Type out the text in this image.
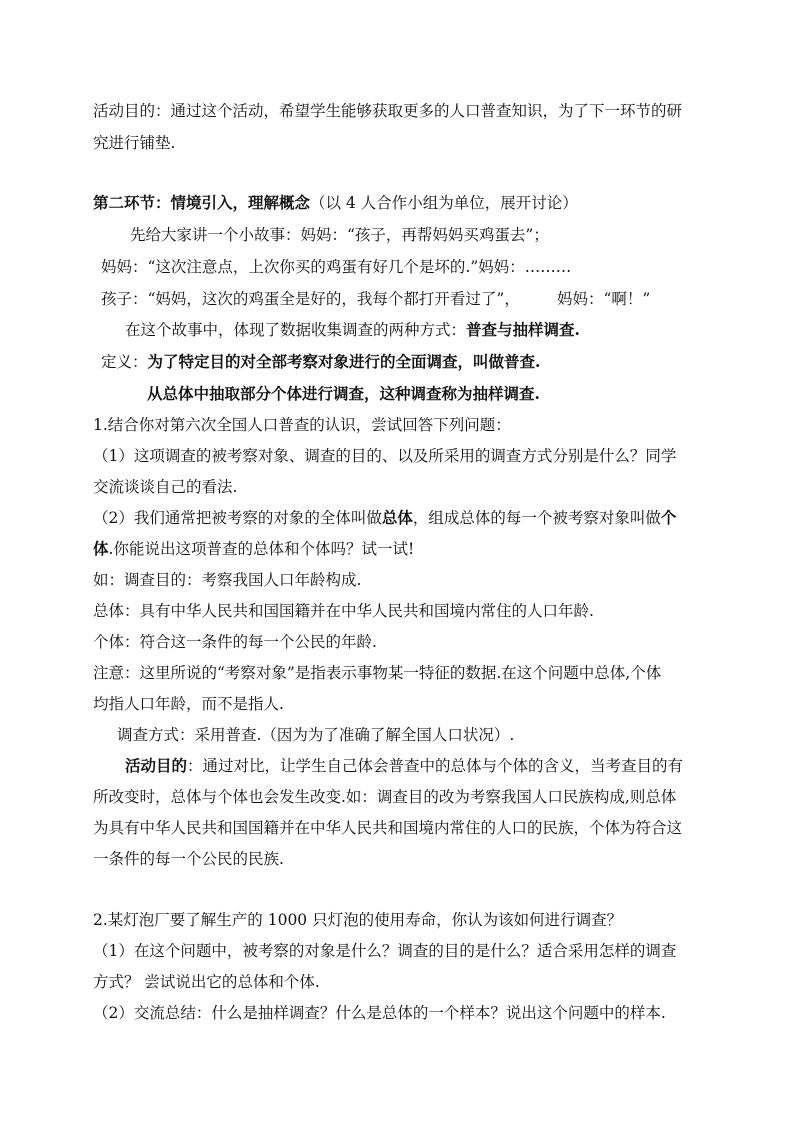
活动目的：通过这个活动，希望学生能够获取更多的人口普查知识，为了下一环节的研
究进行铺垫.
第二环节：情境引入，理解概念（以 4 人合作小组为单位，展开讨论）
先给大家讲一个小故事：妈妈：“孩子，再帮妈妈买鸡蛋去”；
妈妈：“这次注意点，上次你买的鸡蛋有好几个是坏的.”妈妈：………
孩子：“妈妈，这次的鸡蛋全是好的，我每个都打开看过了”， 妈妈：“啊！”
在这个故事中，体现了数据收集调查的两种方式：普查与抽样调查.
定义：为了特定目的对全部考察对象进行的全面调查，叫做普查.
从总体中抽取部分个体进行调查，这种调查称为抽样调查.
1.结合你对第六次全国人口普查的认识，尝试回答下列问题：
（1）这项调查的被考察对象、调查的目的、以及所采用的调查方式分别是什么？同学
交流谈谈自己的看法.
（2）我们通常把被考察的对象的全体叫做总体，组成总体的每一个被考察对象叫做个
体.你能说出这项普查的总体和个体吗？试一试!
如：调查目的：考察我国人口年龄构成.
总体：具有中华人民共和国国籍并在中华人民共和国境内常住的人口年龄.
个体：符合这一条件的每一个公民的年龄.
注意：这里所说的“考察对象”是指表示事物某一特征的数据.在这个问题中总体,个体
均指人口年龄，而不是指人.
调查方式：采用普查.（因为为了准确了解全国人口状况）.
活动目的：通过对比，让学生自己体会普查中的总体与个体的含义，当考查目的有
所改变时，总体与个体也会发生改变.如：调查目的改为考察我国人口民族构成,则总体
为具有中华人民共和国国籍并在中华人民共和国境内常住的人口的民族，个体为符合这
一条件的每一个公民的民族.
2.某灯泡厂要了解生产的 1000 只灯泡的使用寿命，你认为该如何进行调查？
（1）在这个问题中，被考察的对象是什么？调查的目的是什么？适合采用怎样的调查
方式？ 尝试说出它的总体和个体.
（2）交流总结：什么是抽样调查？什么是总体的一个样本？说出这个问题中的样本.
